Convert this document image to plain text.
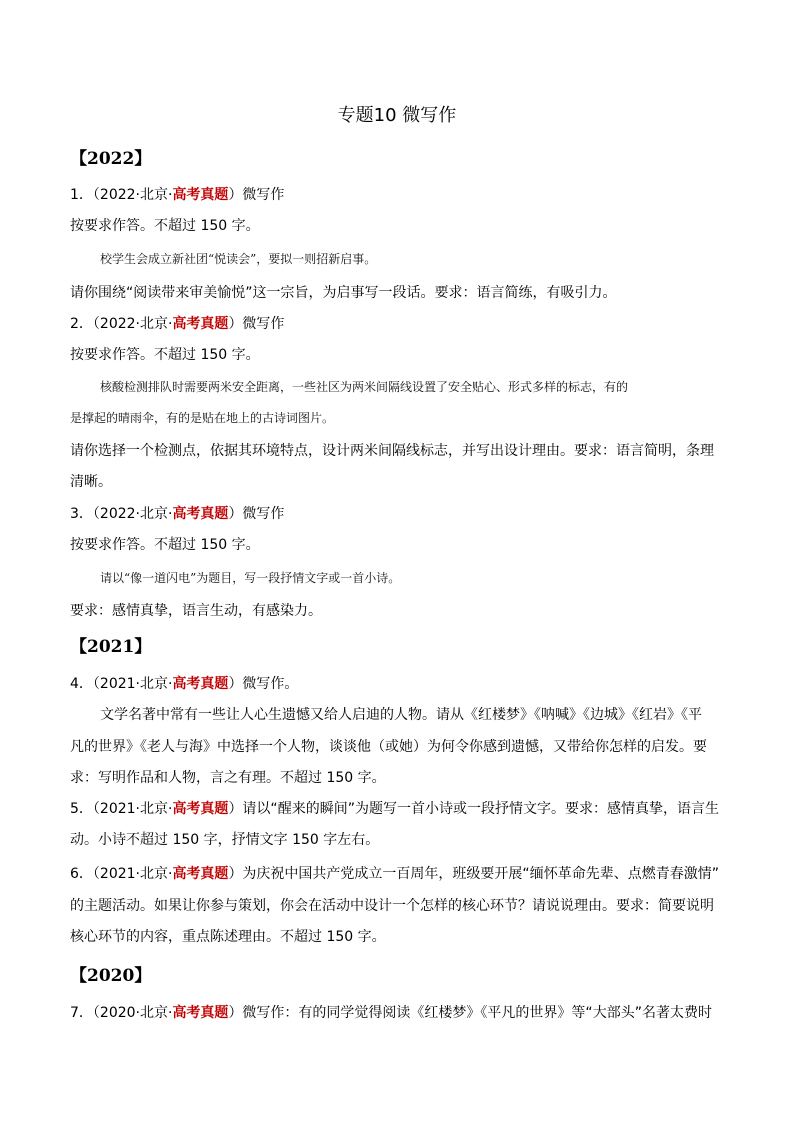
专题10 微写作
【2022】
1．（2022·北京·高考真题）微写作
按要求作答。不超过 150 字。
校学生会成立新社团“悦读会”，要拟一则招新启事。
请你围绕“阅读带来审美愉悦”这一宗旨，为启事写一段话。要求：语言简练，有吸引力。
2．（2022·北京·高考真题）微写作
按要求作答。不超过 150 字。
核酸检测排队时需要两米安全距离，一些社区为两米间隔线设置了安全贴心、形式多样的标志，有的
是撑起的晴雨伞，有的是贴在地上的古诗词图片。
请你选择一个检测点，依据其环境特点，设计两米间隔线标志，并写出设计理由。要求：语言简明，条理
清晰。
3．（2022·北京·高考真题）微写作
按要求作答。不超过 150 字。
请以“像一道闪电”为题目，写一段抒情文字或一首小诗。
要求：感情真挚，语言生动，有感染力。
【2021】
4．（2021·北京·高考真题）微写作。
文学名著中常有一些让人心生遗憾又给人启迪的人物。请从《红楼梦》《呐喊》《边城》《红岩》《平
凡的世界》《老人与海》中选择一个人物，谈谈他（或她）为何令你感到遗憾，又带给你怎样的启发。要
求：写明作品和人物，言之有理。不超过 150 字。
5．（2021·北京·高考真题）请以“醒来的瞬间”为题写一首小诗或一段抒情文字。要求：感情真挚，语言生
动。小诗不超过 150 字，抒情文字 150 字左右。
6．（2021·北京·高考真题）为庆祝中国共产党成立一百周年，班级要开展“缅怀革命先辈、点燃青春激情”
的主题活动。如果让你参与策划，你会在活动中设计一个怎样的核心环节？请说说理由。要求：简要说明
核心环节的内容，重点陈述理由。不超过 150 字。
【2020】
7．（2020·北京·高考真题）微写作：有的同学觉得阅读《红楼梦》《平凡的世界》等“大部头”名著太费时
